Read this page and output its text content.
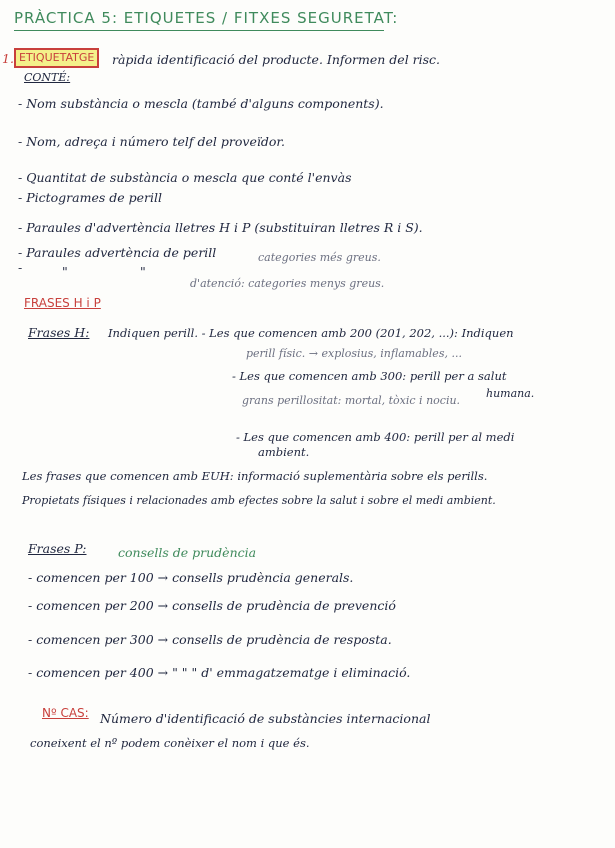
PRÀCTICA 5: ETIQUETES / FITXES SEGURETAT:
1. ETIQUETATGE	ràpida identificació del producte. Informen del risc.
CONTÉ:
- Nom substància o mescla (també d'alguns components).
- Nom, adreça i número telf del proveïdor.
- Quantitat de substància o mescla que conté l'envàs
- Pictogrames de perill
- Paraules d'advertència lletres H i P (substituiran lletres R i S).
- Paraules advertència de perill	categories més greus.
-	"	"
d'atenció: categories menys greus.
FRASES H i P
Frases H: Indiquen perill. - Les que comencen amb 200 (201, 202, ...): Indiquen
perill físic. → explosius, inflamables, ...
- Les que comencen amb 300: perill per a salut
humana.
grans perillositat: mortal, tòxic i nociu.
- Les que comencen amb 400: perill per al medi
ambient.
Les frases que comencen amb EUH: informació suplementària sobre els perills.
Propietats físiques i relacionades amb efectes sobre la salut i sobre el medi ambient.
Frases P:	consells de prudència
- comencen per 100 → consells prudència generals.
- comencen per 200 → consells de prudència de prevenció
- comencen per 300 → consells de prudència de resposta.
- comencen per 400 → " " " d' emmagatzematge i eliminació.
Nº CAS: Número d'identificació de substàncies internacional
coneixent el nº podem conèixer el nom i que és.
